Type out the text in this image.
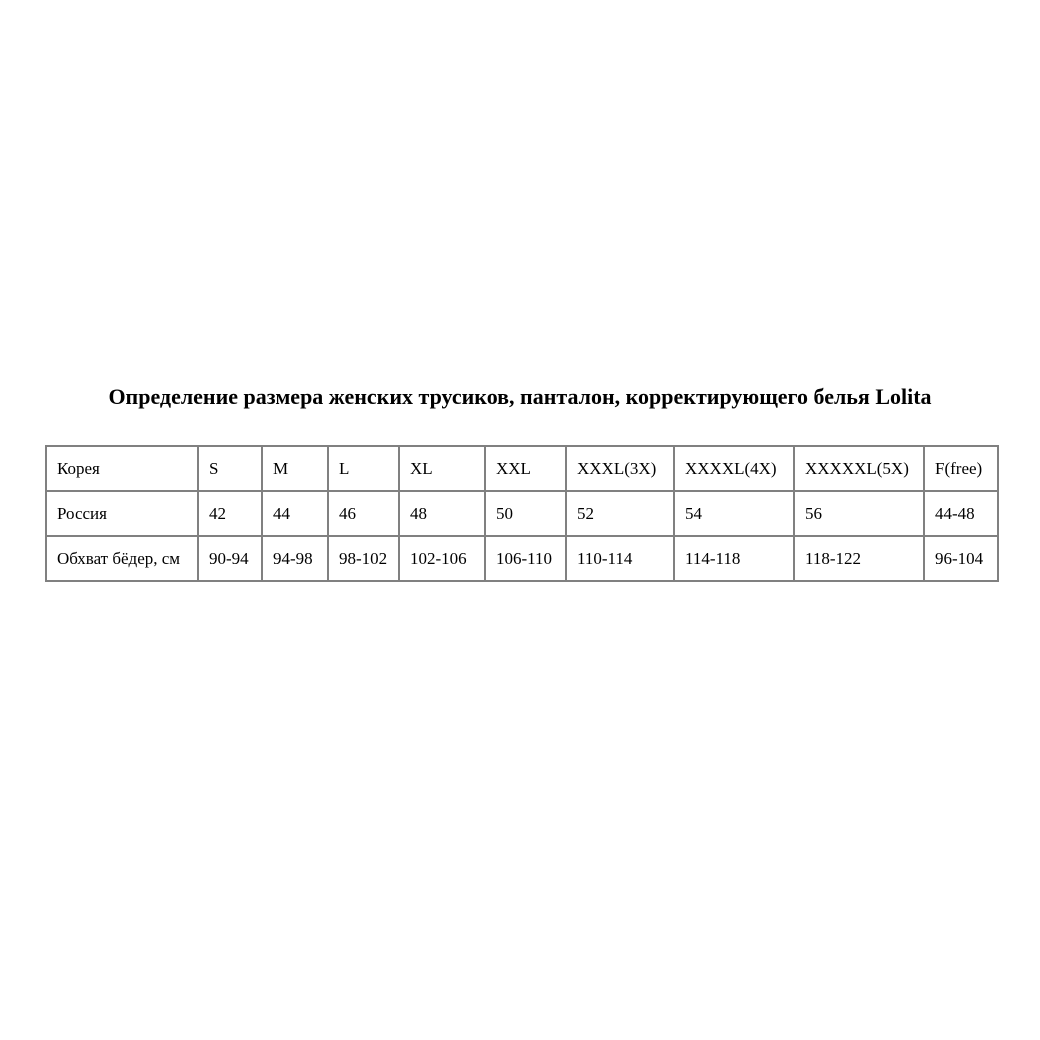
Определение размера женских трусиков, панталон, корректирующего белья Lolita
Корея	S	M	L	XL	XXL	XXXL(3X)	XXXXL(4X)	XXXXXL(5X)	F(free)
Россия	42	44	46	48	50	52	54	56	44-48
Обхват бёдер, см	90-94	94-98	98-102	102-106	106-110	110-114	114-118	118-122	96-104
